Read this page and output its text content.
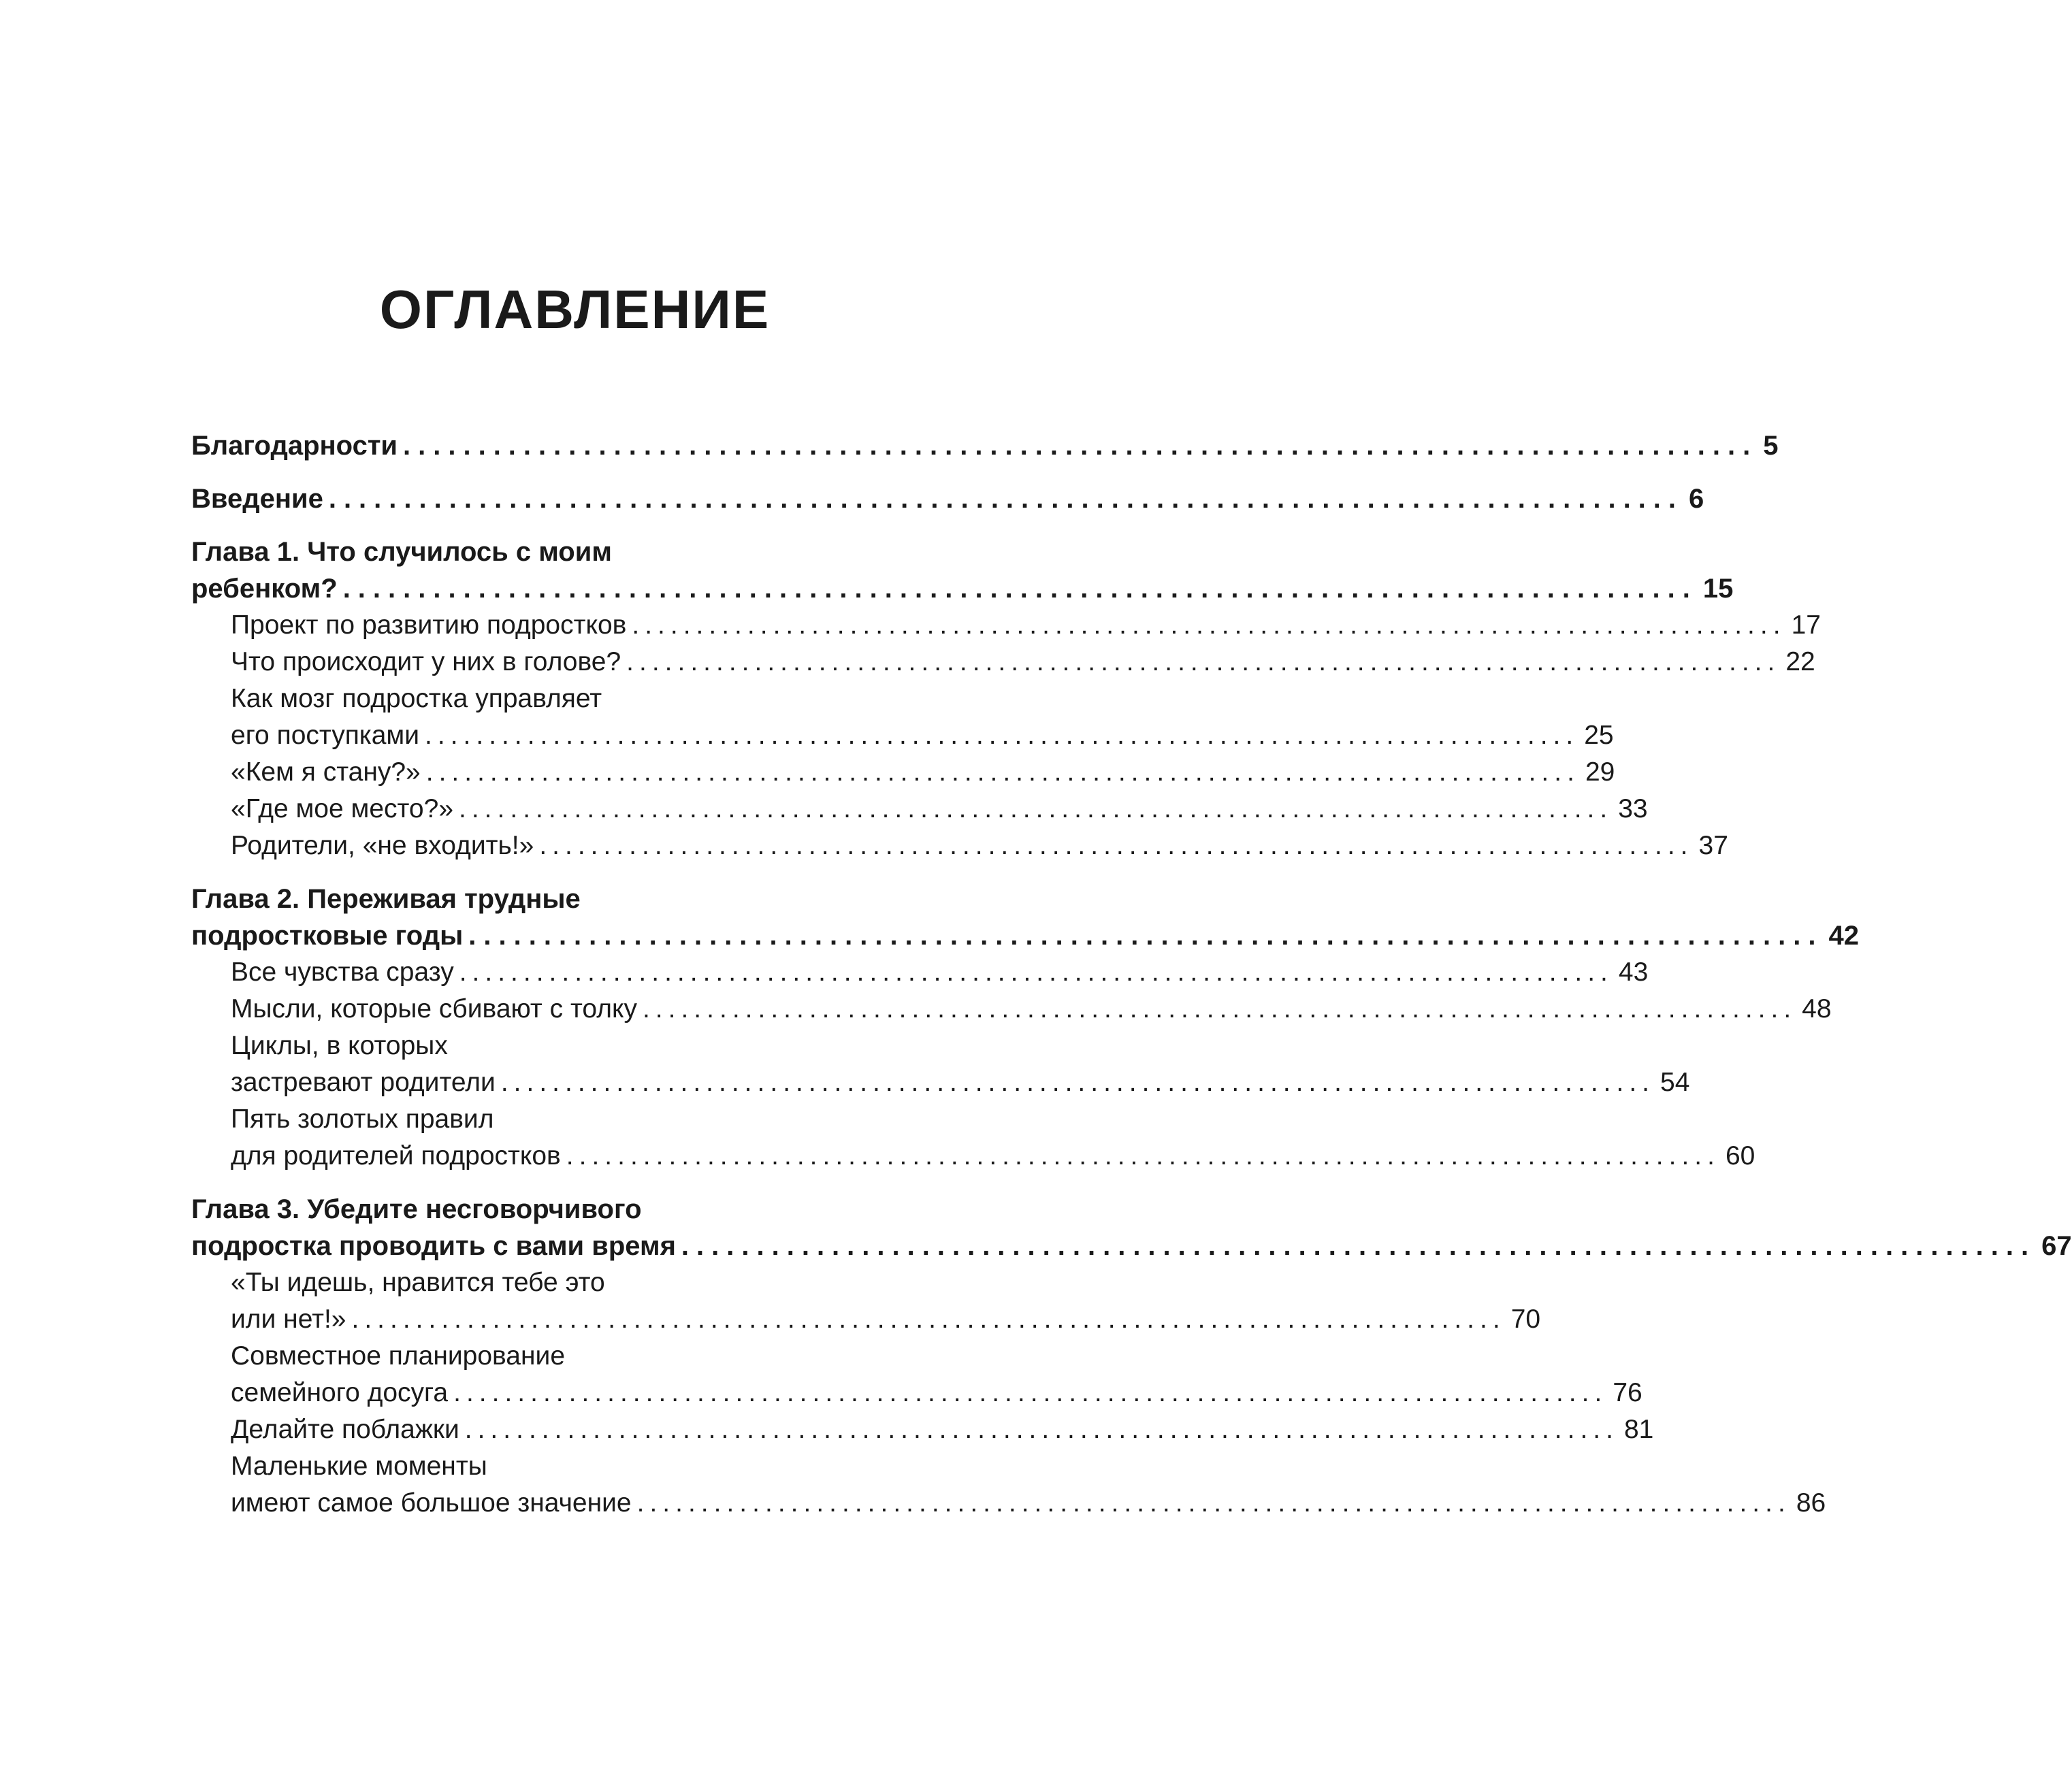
ОГЛАВЛЕНИЕ
Благодарности .......................................................................................... 5
Введение .......................................................................................... 6
Глава 1. Что случилось с моим
ребенком? .......................................................................................... 15
Проект по развитию подростков .......................................................................................... 17
Что происходит у них в голове? .......................................................................................... 22
Как мозг подростка управляет
его поступками .......................................................................................... 25
«Кем я стану?» .......................................................................................... 29
«Где мое место?» .......................................................................................... 33
Родители, «не входить!» .......................................................................................... 37
Глава 2. Переживая трудные
подростковые годы .......................................................................................... 42
Все чувства сразу .......................................................................................... 43
Мысли, которые сбивают с толку .......................................................................................... 48
Циклы, в которых
застревают родители .......................................................................................... 54
Пять золотых правил
для родителей подростков .......................................................................................... 60
Глава 3. Убедите несговорчивого
подростка проводить с вами время .......................................................................................... 67
«Ты идешь, нравится тебе это
или нет!» .......................................................................................... 70
Совместное планирование
семейного досуга .......................................................................................... 76
Делайте поблажки .......................................................................................... 81
Маленькие моменты
имеют самое большое значение .......................................................................................... 86
